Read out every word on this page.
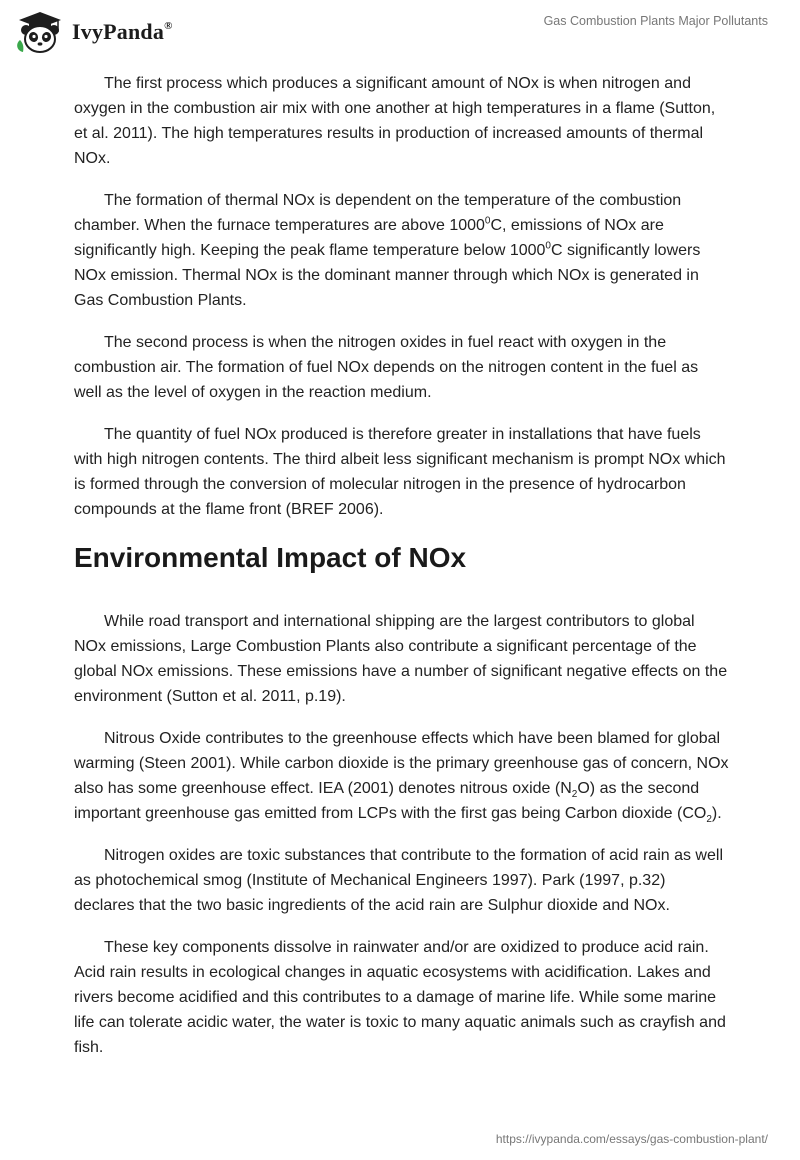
IvyPanda®	Gas Combustion Plants Major Pollutants

The first process which produces a significant amount of NOx is when nitrogen and oxygen in the combustion air mix with one another at high temperatures in a flame (Sutton, et al. 2011). The high temperatures results in production of increased amounts of thermal NOx.

The formation of thermal NOx is dependent on the temperature of the combustion chamber. When the furnace temperatures are above 1000$^0$C, emissions of NOx are significantly high. Keeping the peak flame temperature below 1000$^0$C significantly lowers NOx emission. Thermal NOx is the dominant manner through which NOx is generated in Gas Combustion Plants.

The second process is when the nitrogen oxides in fuel react with oxygen in the combustion air. The formation of fuel NOx depends on the nitrogen content in the fuel as well as the level of oxygen in the reaction medium.

The quantity of fuel NOx produced is therefore greater in installations that have fuels with high nitrogen contents. The third albeit less significant mechanism is prompt NOx which is formed through the conversion of molecular nitrogen in the presence of hydrocarbon compounds at the flame front (BREF 2006).

Environmental Impact of NOx

While road transport and international shipping are the largest contributors to global NOx emissions, Large Combustion Plants also contribute a significant percentage of the global NOx emissions. These emissions have a number of significant negative effects on the environment (Sutton et al. 2011, p.19).

Nitrous Oxide contributes to the greenhouse effects which have been blamed for global warming (Steen 2001). While carbon dioxide is the primary greenhouse gas of concern, NOx also has some greenhouse effect. IEA (2001) denotes nitrous oxide $(N_2O)$ as the second important greenhouse gas emitted from LCPs with the first gas being Carbon dioxide $(CO_2)$.

Nitrogen oxides are toxic substances that contribute to the formation of acid rain as well as photochemical smog (Institute of Mechanical Engineers 1997). Park (1997, p.32) declares that the two basic ingredients of the acid rain are Sulphur dioxide and NOx.

These key components dissolve in rainwater and/or are oxidized to produce acid rain. Acid rain results in ecological changes in aquatic ecosystems with acidification. Lakes and rivers become acidified and this contributes to a damage of marine life. While some marine life can tolerate acidic water, the water is toxic to many aquatic animals such as crayfish and fish.

https://ivypanda.com/essays/gas-combustion-plant/
